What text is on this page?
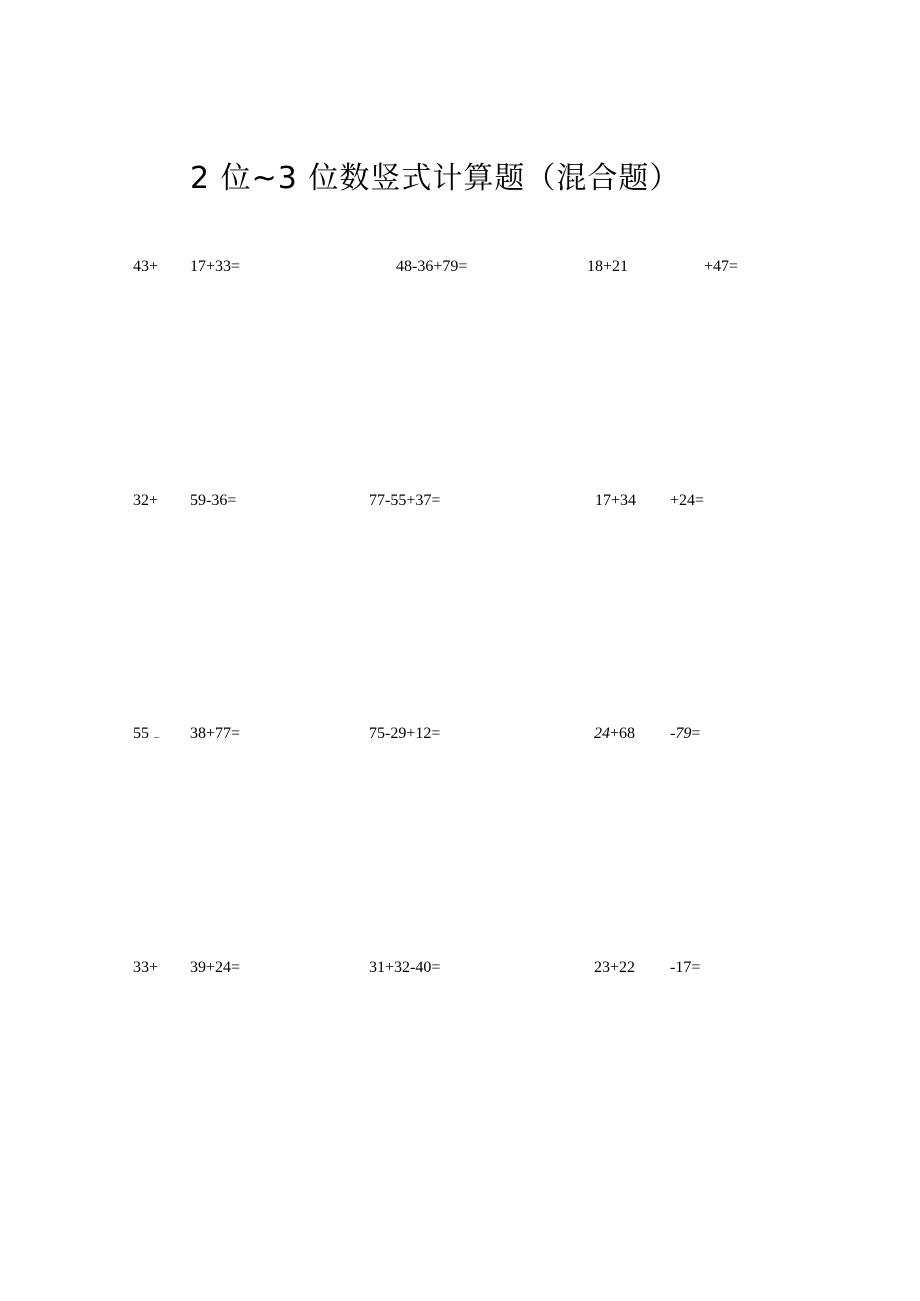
2 位~3 位数竖式计算题（混合题）
43+ 17+33=	48-36+79=	18+21	+47=
32+ 59-36=	77-55+37=	17+34 +24=
55 – 38+77=	75-29+12=	24+68 -79=
33+ 39+24=	31+32-40=	23+22 -17=
